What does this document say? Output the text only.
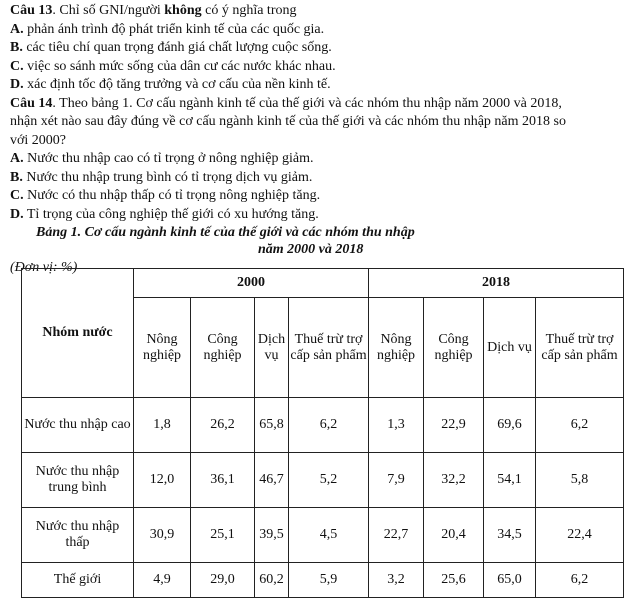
Câu 13. Chỉ số GNI/người không có ý nghĩa trong
A. phản ánh trình độ phát triển kinh tế của các quốc gia.
B. các tiêu chí quan trọng đánh giá chất lượng cuộc sống.
C. việc so sánh mức sống của dân cư các nước khác nhau.
D. xác định tốc độ tăng trưởng và cơ cấu của nền kinh tế.
Câu 14. Theo bảng 1. Cơ cấu ngành kinh tế của thế giới và các nhóm thu nhập năm 2000 và 2018,
nhận xét nào sau đây đúng về cơ cấu ngành kinh tế của thế giới và các nhóm thu nhập năm 2018 so
với 2000?
A. Nước thu nhập cao có tỉ trọng ở nông nghiệp giảm.
B. Nước thu nhập trung bình có tỉ trọng dịch vụ giảm.
C. Nước có thu nhập thấp có tỉ trọng nông nghiệp tăng.
D. Tỉ trọng của công nghiệp thế giới có xu hướng tăng.
Bảng 1. Cơ cấu ngành kinh tế của thế giới và các nhóm thu nhập
năm 2000 và 2018
(Đơn vị: %)
Nhóm nước	2000				2018			
	Nông nghiệp	Công nghiệp	Dịch vụ	Thuế trừ trợ cấp sản phẩm	Nông nghiệp	Công nghiệp	Dịch vụ	Thuế trừ trợ cấp sản phẩm
Nước thu nhập cao	1,8	26,2	65,8	6,2	1,3	22,9	69,6	6,2
Nước thu nhập trung bình	12,0	36,1	46,7	5,2	7,9	32,2	54,1	5,8
Nước thu nhập thấp	30,9	25,1	39,5	4,5	22,7	20,4	34,5	22,4
Thế giới	4,9	29,0	60,2	5,9	3,2	25,6	65,0	6,2
